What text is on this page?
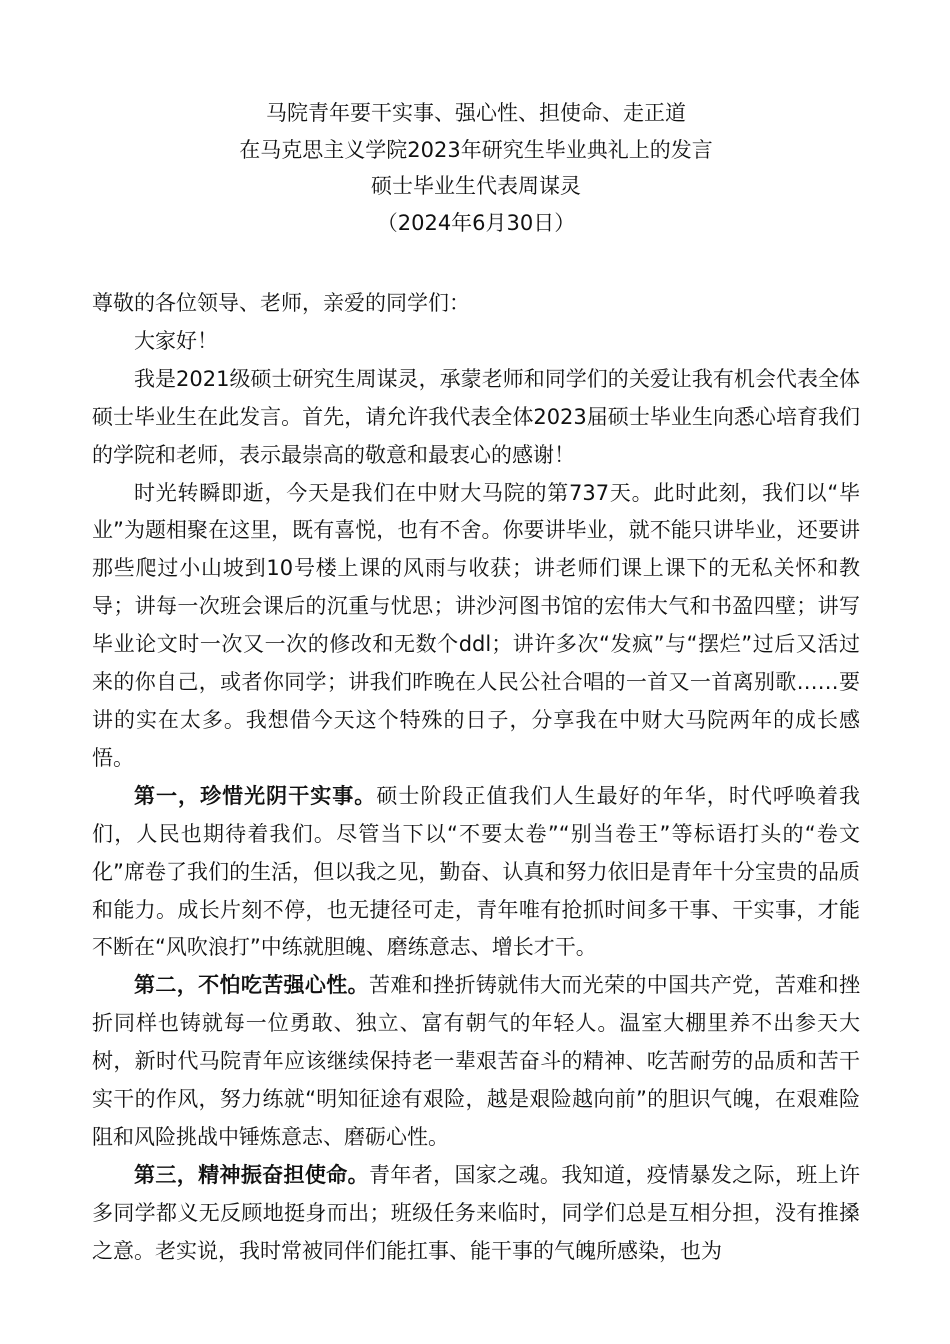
马院青年要干实事、强心性、担使命、走正道
在马克思主义学院2023年研究生毕业典礼上的发言
硕士毕业生代表周谋灵
（2024年6月30日）

尊敬的各位领导、老师，亲爱的同学们：

大家好！

我是2021级硕士研究生周谋灵，承蒙老师和同学们的关爱让我有机会代表全体硕士毕业生在此发言。首先，请允许我代表全体2023届硕士毕业生向悉心培育我们的学院和老师，表示最崇高的敬意和最衷心的感谢！

时光转瞬即逝，今天是我们在中财大马院的第737天。此时此刻，我们以“毕业”为题相聚在这里，既有喜悦，也有不舍。你要讲毕业，就不能只讲毕业，还要讲那些爬过小山坡到10号楼上课的风雨与收获；讲老师们课上课下的无私关怀和教导；讲每一次班会课后的沉重与忧思；讲沙河图书馆的宏伟大气和书盈四壁；讲写毕业论文时一次又一次的修改和无数个ddl；讲许多次“发疯”与“摆烂”过后又活过来的你自己，或者你同学；讲我们昨晚在人民公社合唱的一首又一首离别歌……要讲的实在太多。我想借今天这个特殊的日子，分享我在中财大马院两年的成长感悟。

第一，珍惜光阴干实事。硕士阶段正值我们人生最好的年华，时代呼唤着我们，人民也期待着我们。尽管当下以“不要太卷”“别当卷王”等标语打头的“卷文化”席卷了我们的生活，但以我之见，勤奋、认真和努力依旧是青年十分宝贵的品质和能力。成长片刻不停，也无捷径可走，青年唯有抢抓时间多干事、干实事，才能不断在“风吹浪打”中练就胆魄、磨练意志、增长才干。

第二，不怕吃苦强心性。苦难和挫折铸就伟大而光荣的中国共产党，苦难和挫折同样也铸就每一位勇敢、独立、富有朝气的年轻人。温室大棚里养不出参天大树，新时代马院青年应该继续保持老一辈艰苦奋斗的精神、吃苦耐劳的品质和苦干实干的作风，努力练就“明知征途有艰险，越是艰险越向前”的胆识气魄，在艰难险阻和风险挑战中锤炼意志、磨砺心性。

第三，精神振奋担使命。青年者，国家之魂。我知道，疫情暴发之际，班上许多同学都义无反顾地挺身而出；班级任务来临时，同学们总是互相分担，没有推搡之意。老实说，我时常被同伴们能扛事、能干事的气魄所感染，也为
